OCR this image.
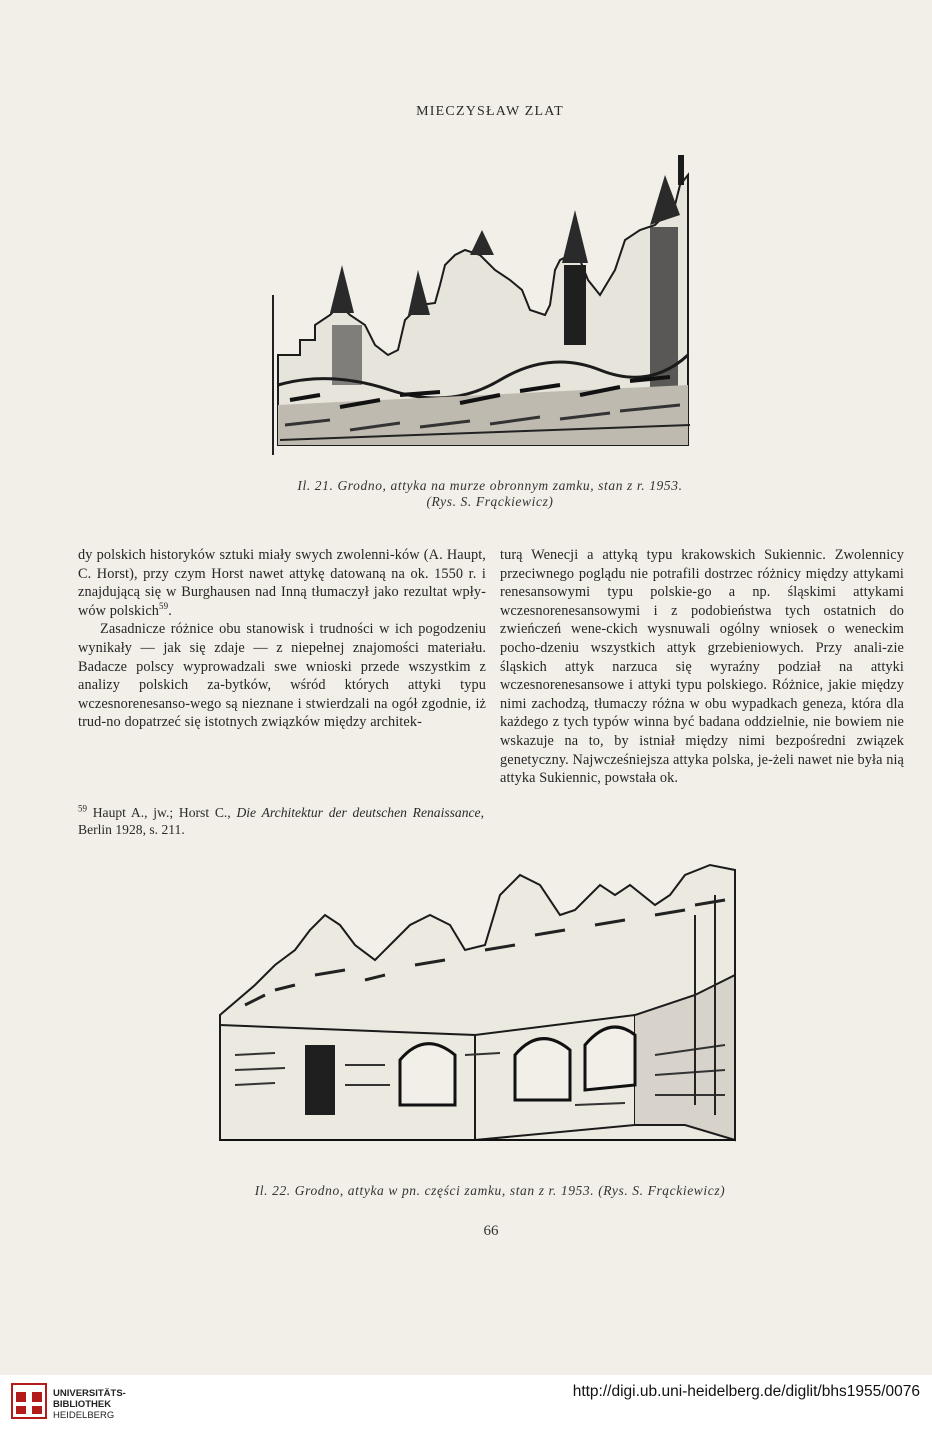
MIECZYSŁAW ZLAT
Il. 21. Grodno, attyka na murze obronnym zamku, stan z r. 1953.
(Rys. S. Frąckiewicz)

dy polskich historyków sztuki miały swych zwolenni-ków (A. Haupt, C. Horst), przy czym Horst nawet attykę datowaną na ok. 1550 r. i znajdującą się w Burghausen nad Inną tłumaczył jako rezultat wpły-wów polskich$^{59}$.

Zasadnicze różnice obu stanowisk i trudności w ich pogodzeniu wynikały — jak się zdaje — z niepełnej znajomości materiału. Badacze polscy wyprowadzali swe wnioski przede wszystkim z analizy polskich za-bytków, wśród których attyki typu wczesnorenesanso-wego są nieznane i stwierdzali na ogół zgodnie, iż trud-no dopatrzeć się istotnych związków między architek-

$^{59}$ Haupt A., jw.; Horst C., Die Architektur der deutschen Renaissance, Berlin 1928, s. 211.

turą Wenecji a attyką typu krakowskich Sukiennic. Zwolennicy przeciwnego poglądu nie potrafili dostrzec różnicy między attykami renesansowymi typu polskie-go a np. śląskimi attykami wczesnorenesansowymi i z podobieństwa tych ostatnich do zwieńczeń wene-ckich wysnuwali ogólny wniosek o weneckim pocho-dzeniu wszystkich attyk grzebieniowych. Przy anali-zie śląskich attyk narzuca się wyraźny podział na attyki wczesnorenesansowe i attyki typu polskiego. Różnice, jakie między nimi zachodzą, tłumaczy różna w obu wypadkach geneza, która dla każdego z tych typów winna być badana oddzielnie, nie bowiem nie wskazuje na to, by istniał między nimi bezpośredni związek genetyczny. Najwcześniejsza attyka polska, je-żeli nawet nie była nią attyka Sukiennic, powstała ok.

Il. 22. Grodno, attyka w pn. części zamku, stan z r. 1953. (Rys. S. Frąckiewicz)
66
UNIVERSITÄTS-
BIBLIOTHEK
HEIDELBERG
http://digi.ub.uni-heidelberg.de/diglit/bhs1955/0076
